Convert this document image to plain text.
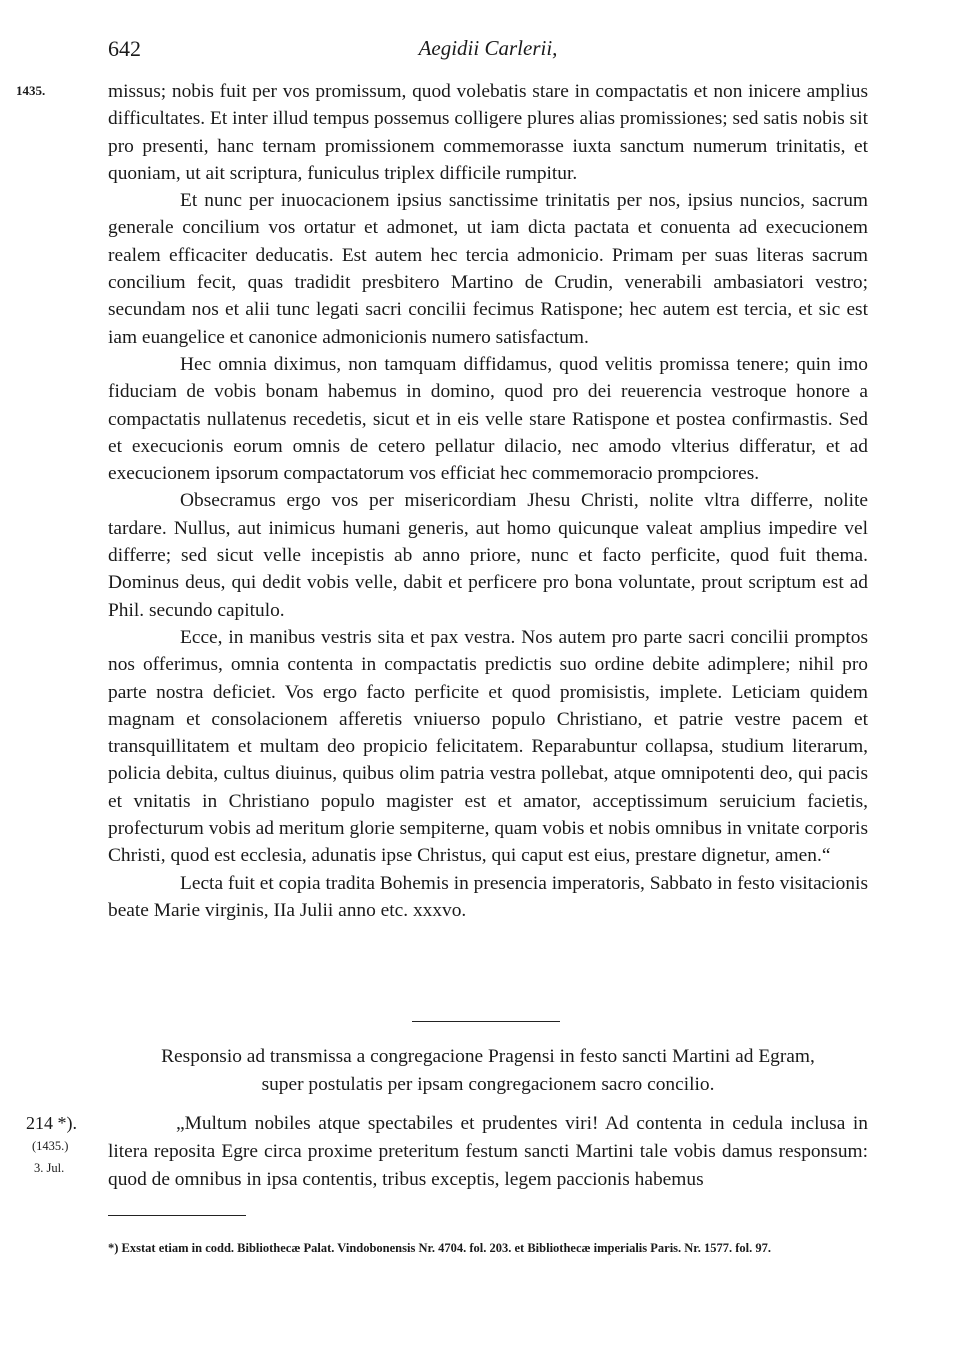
642	Aegidii Carlerii,
1435.	missus; nobis fuit per vos promissum, quod volebatis stare in compactatis et non inicere amplius difficultates. Et inter illud tempus possemus colligere plures alias promissiones; sed satis nobis sit pro presenti, hanc ternam promissionem commemorasse iuxta sanctum numerum trinitatis, et quoniam, ut ait scriptura, funiculus triplex difficile rumpitur.

Et nunc per inuocacionem ipsius sanctissime trinitatis per nos, ipsius nuncios, sacrum generale concilium vos ortatur et admonet, ut iam dicta pactata et conuenta ad execucionem realem efficaciter deducatis. Est autem hec tercia admonicio. Primam per suas literas sacrum concilium fecit, quas tradidit presbitero Martino de Crudin, venerabili ambasiatori vestro; secundam nos et alii tunc legati sacri concilii fecimus Ratispone; hec autem est tercia, et sic est iam euangelice et canonice admonicionis numero satisfactum.

Hec omnia diximus, non tamquam diffidamus, quod velitis promissa tenere; quin imo fiduciam de vobis bonam habemus in domino, quod pro dei reuerencia vestroque honore a compactatis nullatenus recedetis, sicut et in eis velle stare Ratispone et postea confirmastis. Sed et execucionis eorum omnis de cetero pellatur dilacio, nec amodo vlterius differatur, et ad execucionem ipsorum compactatorum vos efficiat hec commemoracio prompciores.

Obsecramus ergo vos per misericordiam Jhesu Christi, nolite vltra differre, nolite tardare. Nullus, aut inimicus humani generis, aut homo quicunque valeat amplius impedire vel differre; sed sicut velle incepistis ab anno priore, nunc et facto perficite, quod fuit thema. Dominus deus, qui dedit vobis velle, dabit et perficere pro bona voluntate, prout scriptum est ad Phil. secundo capitulo.

Ecce, in manibus vestris sita et pax vestra. Nos autem pro parte sacri concilii promptos nos offerimus, omnia contenta in compactatis predictis suo ordine debite adimplere; nihil pro parte nostra deficiet. Vos ergo facto perficite et quod promisistis, implete. Leticiam quidem magnam et consolacionem afferetis vniuerso populo Christiano, et patrie vestre pacem et transquillitatem et multam deo propicio felicitatem. Reparabuntur collapsa, studium literarum, policia debita, cultus diuinus, quibus olim patria vestra pollebat, atque omnipotenti deo, qui pacis et vnitatis in Christiano populo magister est et amator, acceptissimum seruicium facietis, profecturum vobis ad meritum glorie sempiterne, quam vobis et nobis omnibus in vnitate corporis Christi, quod est ecclesia, adunatis ipse Christus, qui caput est eius, prestare dignetur, amen.“

Lecta fuit et copia tradita Bohemis in presencia imperatoris, Sabbato in festo visitacionis beate Marie virginis, IIa Julii anno etc. xxxvo.

Responsio ad transmissa a congregacione Pragensi in festo sancti Martini ad Egram,
super postulatis per ipsam congregacionem sacro concilio.
214 *).
(1435.)
3. Jul.

„Multum nobiles atque spectabiles et prudentes viri! Ad contenta in cedula inclusa in litera reposita Egre circa proxime preteritum festum sancti Martini tale vobis damus responsum: quod de omnibus in ipsa contentis, tribus exceptis, legem paccionis habemus

*) Exstat etiam in codd. Bibliothecæ Palat. Vindobonensis Nr. 4704. fol. 203. et Bibliothecæ imperialis Paris. Nr. 1577. fol. 97.
